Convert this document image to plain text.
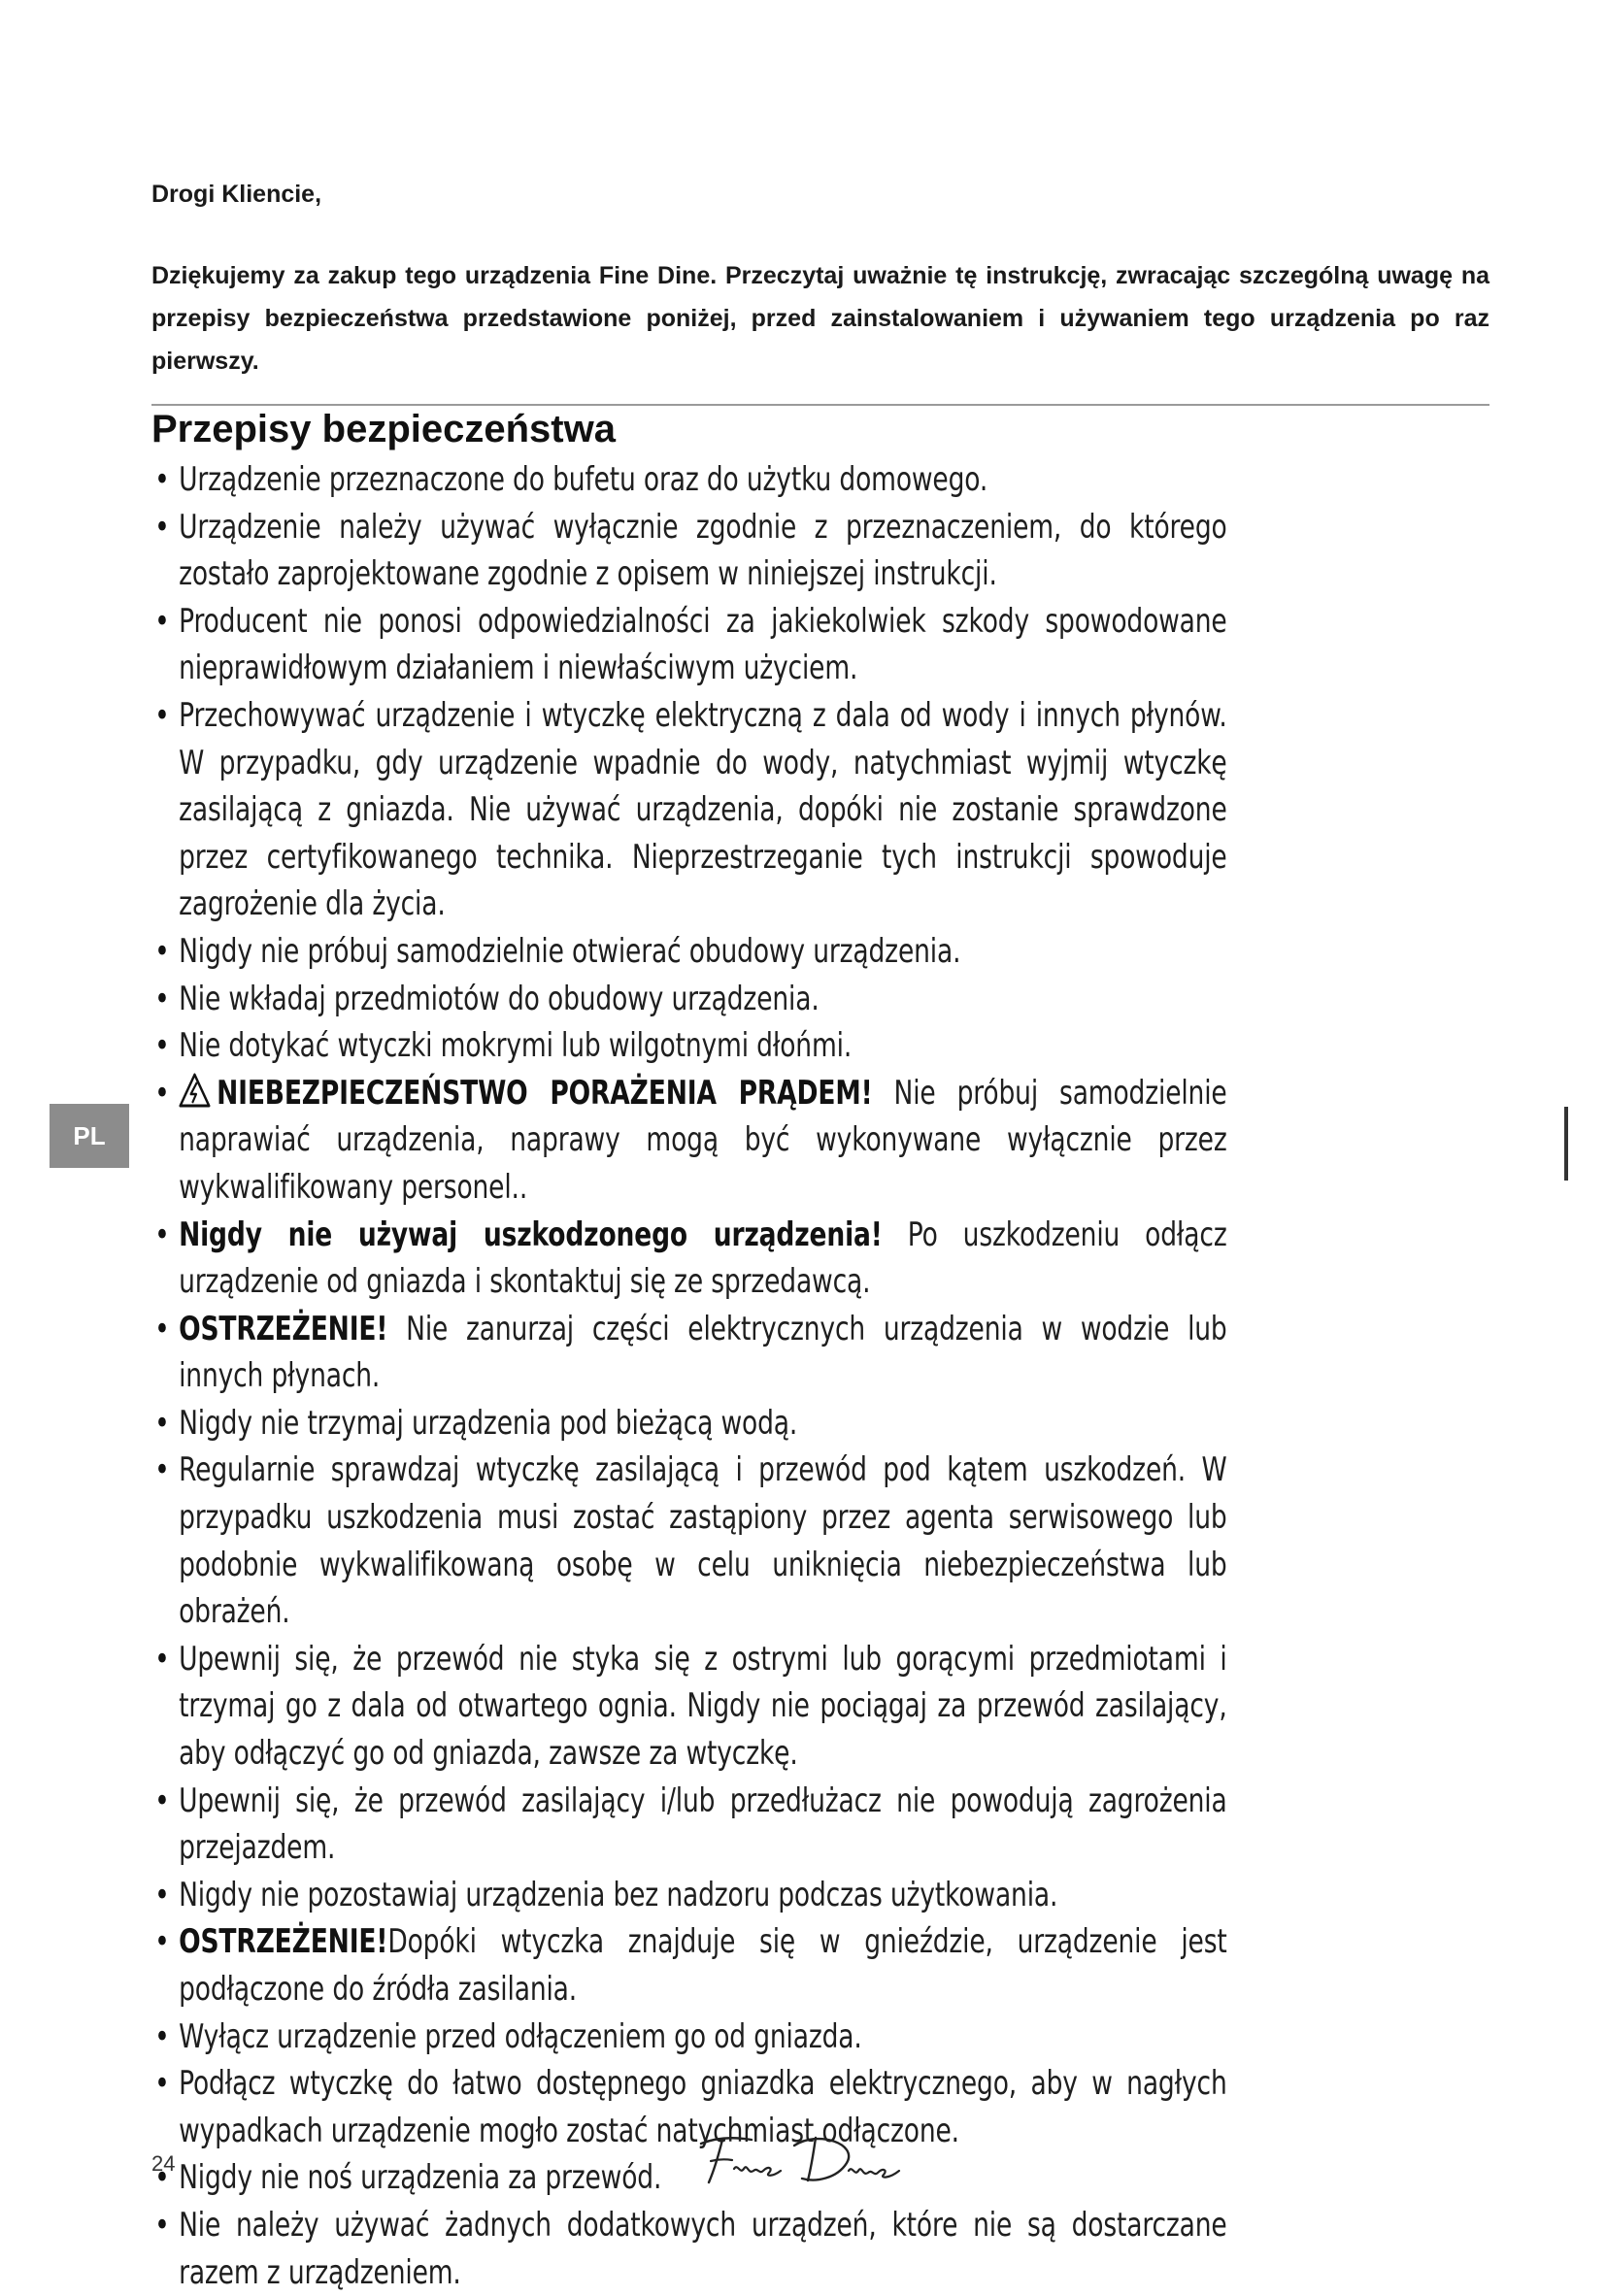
Drogi Kliencie,
Dziękujemy za zakup tego urządzenia Fine Dine. Przeczytaj uważnie tę instrukcję, zwracając szczególną uwagę na przepisy bezpieczeństwa przedstawione poniżej, przed zainstalowaniem i używaniem tego urządzenia po raz pierwszy.
Przepisy bezpieczeństwa
• Urządzenie przeznaczone do bufetu oraz do użytku domowego.
• Urządzenie należy używać wyłącznie zgodnie z przeznaczeniem, do którego zostało zaprojektowane zgodnie z opisem w niniejszej instrukcji.
• Producent nie ponosi odpowiedzialności za jakiekolwiek szkody spowodowane nieprawidłowym działaniem i niewłaściwym użyciem.
• Przechowywać urządzenie i wtyczkę elektryczną z dala od wody i innych płynów. W przypadku, gdy urządzenie wpadnie do wody, natychmiast wyjmij wtyczkę zasilającą z gniazda. Nie używać urządzenia, dopóki nie zostanie sprawdzone przez certyfikowanego technika. Nieprzestrzeganie tych instrukcji spowoduje zagrożenie dla życia.
• Nigdy nie próbuj samodzielnie otwierać obudowy urządzenia.
• Nie wkładaj przedmiotów do obudowy urządzenia.
• Nie dotykać wtyczki mokrymi lub wilgotnymi dłońmi.
• NIEBEZPIECZEŃSTWO PORAŻENIA PRĄDEM! Nie próbuj samodzielnie naprawiać urządzenia, naprawy mogą być wykonywane wyłącznie przez wykwalifikowany personel..
• Nigdy nie używaj uszkodzonego urządzenia! Po uszkodzeniu odłącz urządzenie od gniazda i skontaktuj się ze sprzedawcą.
• OSTRZEŻENIE! Nie zanurzaj części elektrycznych urządzenia w wodzie lub innych płynach.
• Nigdy nie trzymaj urządzenia pod bieżącą wodą.
• Regularnie sprawdzaj wtyczkę zasilającą i przewód pod kątem uszkodzeń. W przypadku uszkodzenia musi zostać zastąpiony przez agenta serwisowego lub podobnie wykwalifikowaną osobę w celu uniknięcia niebezpieczeństwa lub obrażeń.
• Upewnij się, że przewód nie styka się z ostrymi lub gorącymi przedmiotami i trzymaj go z dala od otwartego ognia. Nigdy nie pociągaj za przewód zasilający, aby odłączyć go od gniazda, zawsze za wtyczkę.
• Upewnij się, że przewód zasilający i/lub przedłużacz nie powodują zagrożenia przejazdem.
• Nigdy nie pozostawiaj urządzenia bez nadzoru podczas użytkowania.
• OSTRZEŻENIE!Dopóki wtyczka znajduje się w gnieździe, urządzenie jest podłączone do źródła zasilania.
• Wyłącz urządzenie przed odłączeniem go od gniazda.
• Podłącz wtyczkę do łatwo dostępnego gniazdka elektrycznego, aby w nagłych wypadkach urządzenie mogło zostać natychmiast odłączone.
• Nigdy nie noś urządzenia za przewód.
• Nie należy używać żadnych dodatkowych urządzeń, które nie są dostarczane razem z urządzeniem.
PL
24
